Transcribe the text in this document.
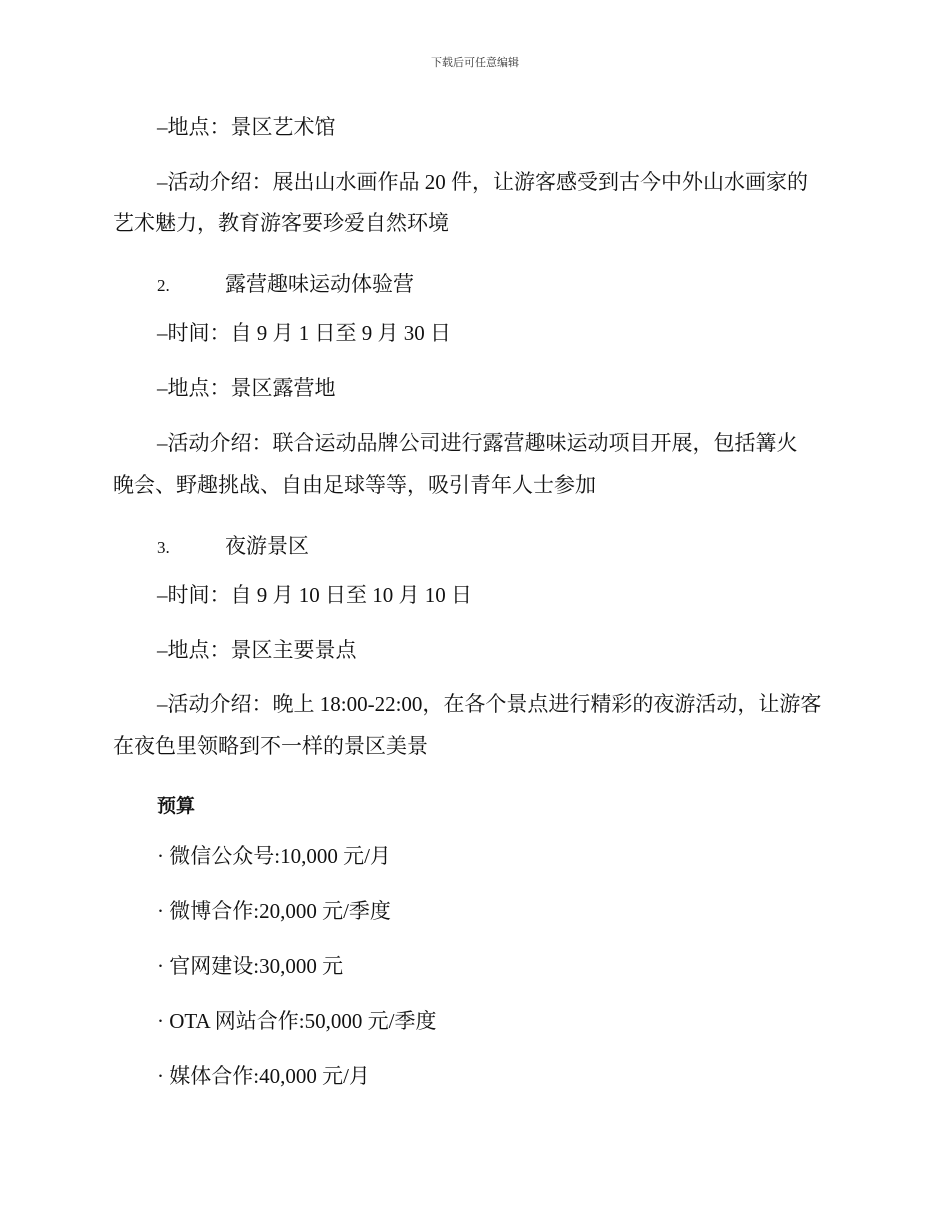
下载后可任意编辑
–地点：景区艺术馆
–活动介绍：展出山水画作品 20 件，让游客感受到古今中外山水画家的
艺术魅力，教育游客要珍爱自然环境
2.	露营趣味运动体验营
–时间：自 9 月 1 日至 9 月 30 日
–地点：景区露营地
–活动介绍：联合运动品牌公司进行露营趣味运动项目开展，包括篝火
晚会、野趣挑战、自由足球等等，吸引青年人士参加
3.	夜游景区
–时间：自 9 月 10 日至 10 月 10 日
–地点：景区主要景点
–活动介绍：晚上 18:00-22:00，在各个景点进行精彩的夜游活动，让游客
在夜色里领略到不一样的景区美景
预算
· 微信公众号:10,000 元/月
· 微博合作:20,000 元/季度
· 官网建设:30,000 元
· OTA 网站合作:50,000 元/季度
· 媒体合作:40,000 元/月
